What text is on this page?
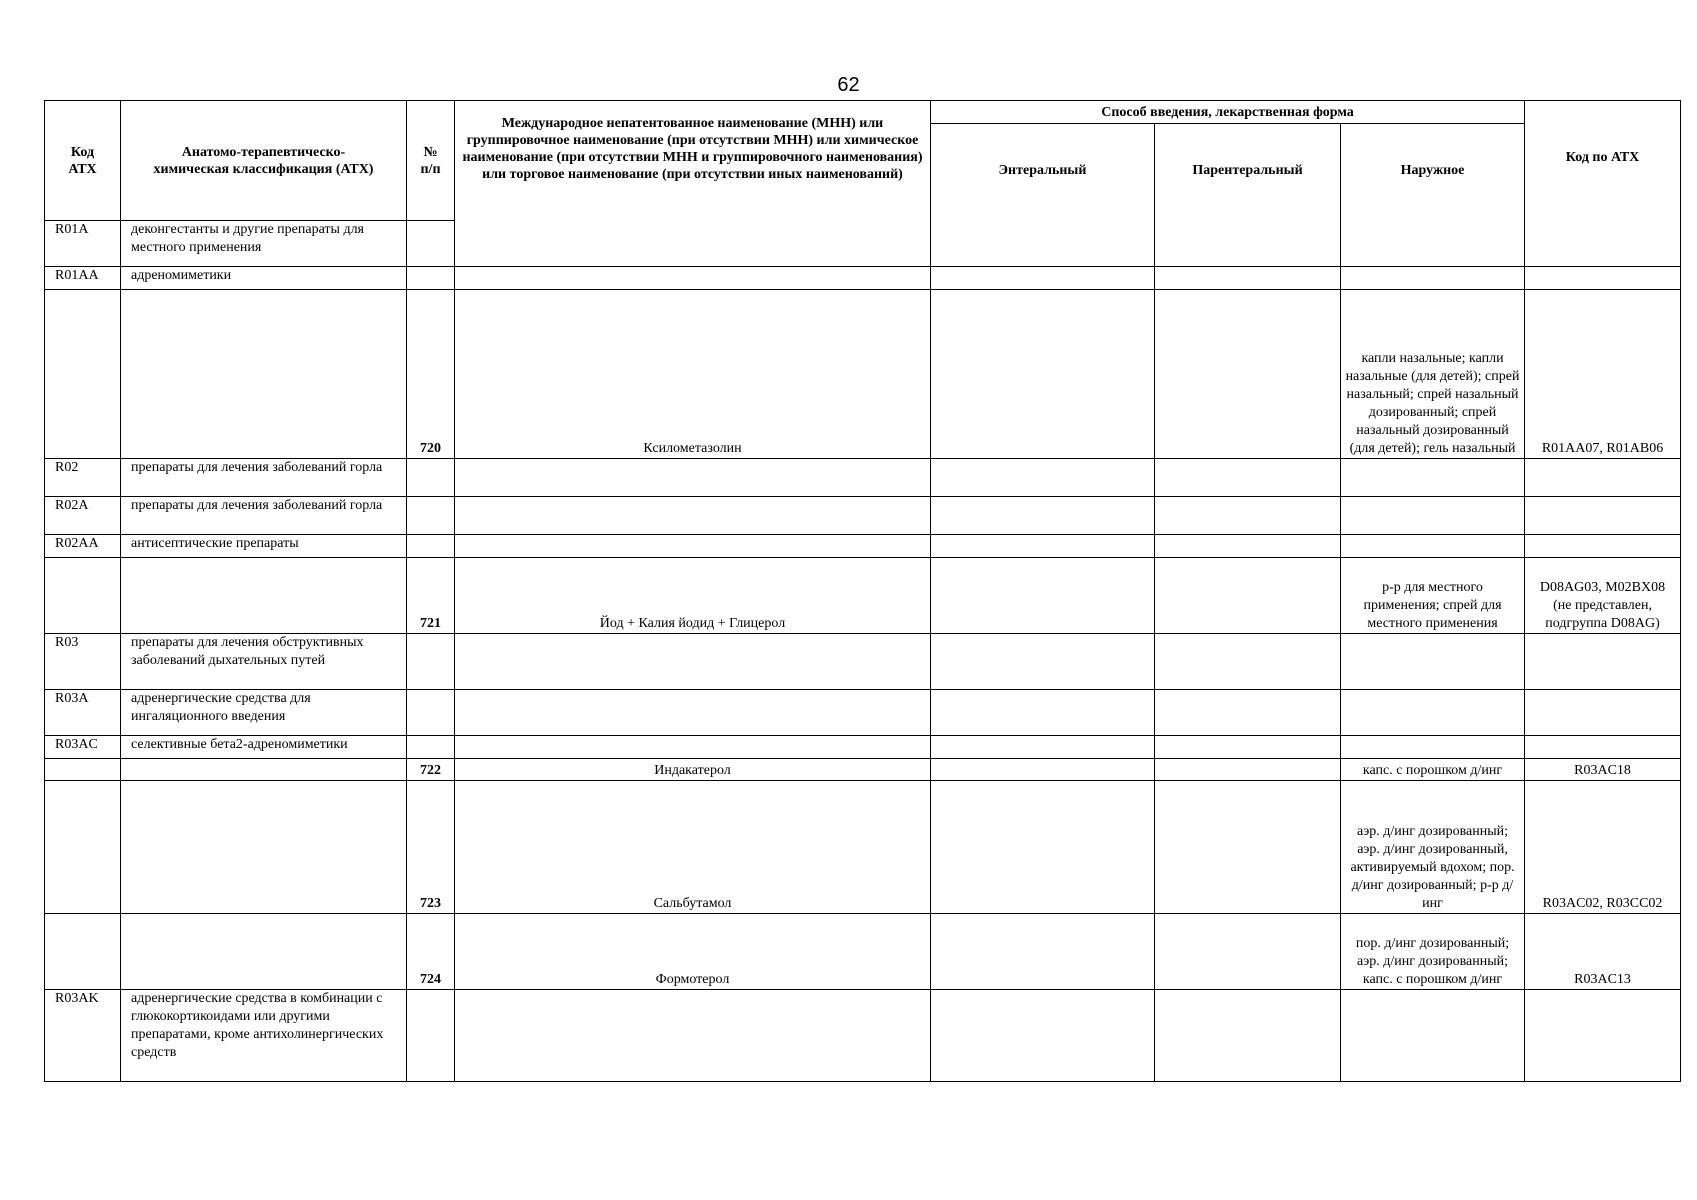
62
Код АТХ	Анатомо-терапевтическо-химическая классификация (АТХ)	№ п/п	Международное непатентованное наименование (МНН) или группировочное наименование (при отсутствии МНН) или химическое наименование (при отсутствии МНН и группировочного наименования) или торговое наименование (при отсутствии иных наименований)	Способ введения, лекарственная форма			Код по АТХ
				Энтеральный	Парентеральный	Наружное	
R01A	деконгестанты и другие препараты для местного применения						
R01AA	адреномиметики						
		720	Ксилометазолин			капли назальные; капли назальные (для детей); спрей назальный; спрей назальный дозированный; спрей назальный дозированный (для детей); гель назальный	R01AA07, R01AB06
R02	препараты для лечения заболеваний горла						
R02A	препараты для лечения заболеваний горла						
R02AA	антисептические препараты						
		721	Йод + Калия йодид + Глицерол			р-р для местного применения; спрей для местного применения	D08AG03, M02BX08 (не представлен, подгруппа D08AG)
R03	препараты для лечения обструктивных заболеваний дыхательных путей						
R03A	адренергические средства для ингаляционного введения						
R03AC	селективные бета2-адреномиметики						
		722	Индакатерол			капс. с порошком д/инг	R03AC18
		723	Сальбутамол			аэр. д/инг дозированный; аэр. д/инг дозированный, активируемый вдохом; пор. д/инг дозированный; р-р д/инг	R03AC02, R03CC02
		724	Формотерол			пор. д/инг дозированный; аэр. д/инг дозированный; капс. с порошком д/инг	R03AC13
R03AK	адренергические средства в комбинации с глюкокортикоидами или другими препаратами, кроме антихолинергических средств						
